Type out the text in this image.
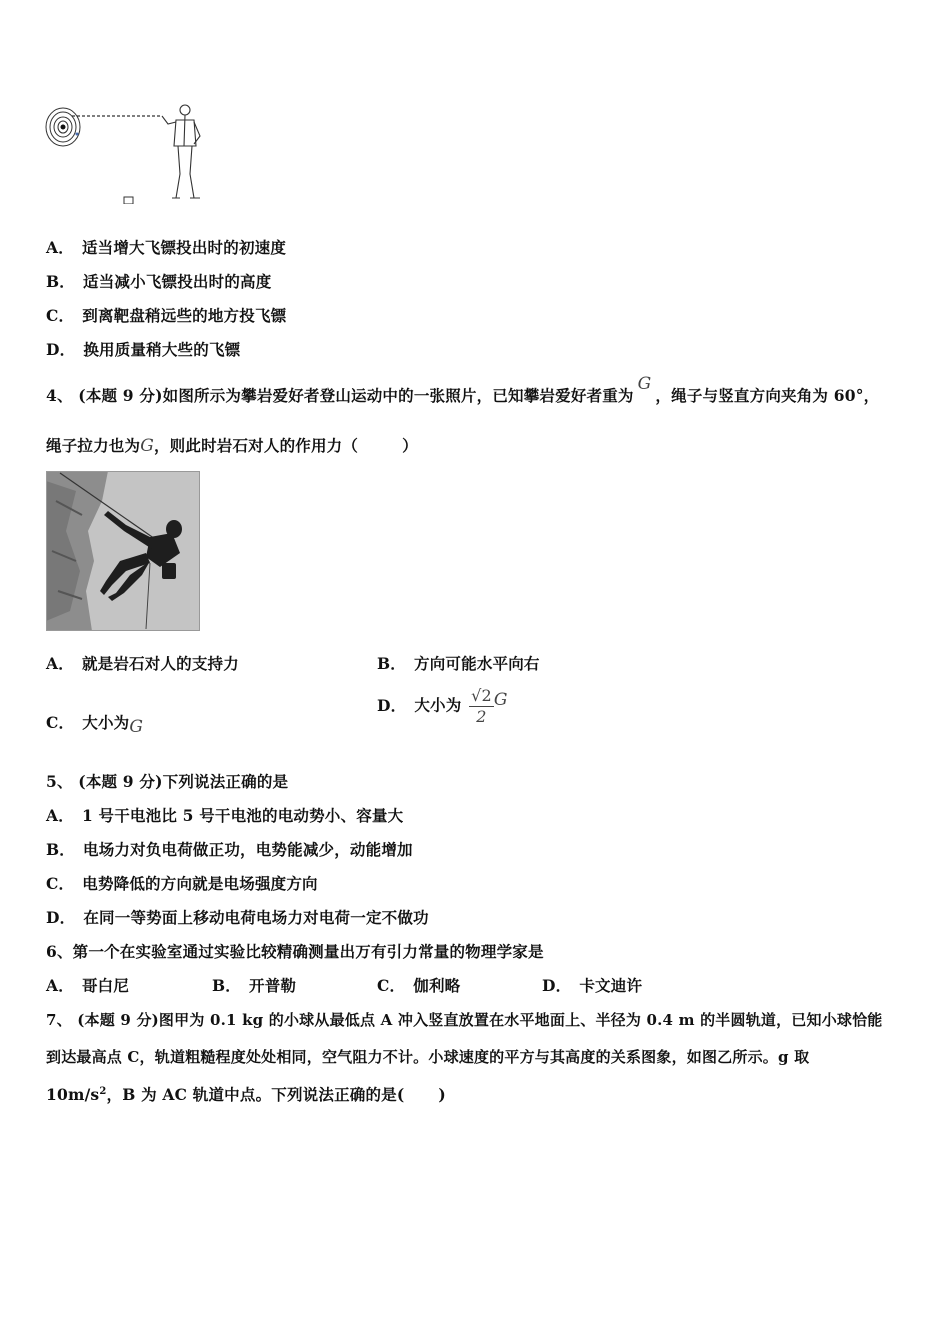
A． 适当增大飞镖投出时的初速度
B． 适当减小飞镖投出时的高度
C． 到离靶盘稍远些的地方投飞镖
D． 换用质量稍大些的飞镖
4、 (本题 9 分)如图所示为攀岩爱好者登山运动中的一张照片，已知攀岩爱好者重为G，绳子与竖直方向夹角为 60°，
绳子拉力也为G，则此时岩石对人的作用力（	）
A． 就是岩石对人的支持力	B． 方向可能水平向右
C． 大小为G
D． 大小为 $\frac{√2}{2}$ G
5、 (本题 9 分)下列说法正确的是
A． 1 号干电池比 5 号干电池的电动势小、容量大
B． 电场力对负电荷做正功，电势能减少，动能增加
C． 电势降低的方向就是电场强度方向
D． 在同一等势面上移动电荷电场力对电荷一定不做功
6、第一个在实验室通过实验比较精确测量出万有引力常量的物理学家是
A． 哥白尼	B． 开普勒	C． 伽利略	D． 卡文迪许
7、 (本题 9 分)图甲为 0.1 kg 的小球从最低点 A 冲入竖直放置在水平地面上、半径为 0.4 m 的半圆轨道，已知小球恰能
到达最高点 C，轨道粗糙程度处处相同，空气阻力不计。小球速度的平方与其高度的关系图象，如图乙所示。g 取
$10m/s^2$，B 为 AC 轨道中点。下列说法正确的是( )
